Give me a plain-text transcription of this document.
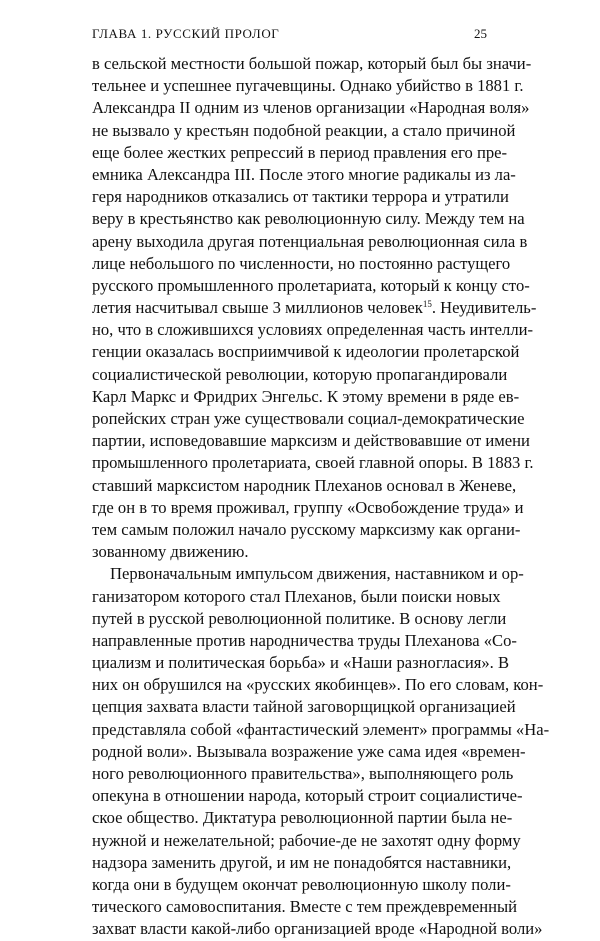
ГЛАВА 1. РУССКИЙ ПРОЛОГ	25
в сельской местности большой пожар, который был бы значи-
тельнее и успешнее пугачевщины. Однако убийство в 1881 г.
Александра II одним из членов организации «Народная воля»
не вызвало у крестьян подобной реакции, а стало причиной
еще более жестких репрессий в период правления его пре-
емника Александра III. После этого многие радикалы из ла-
геря народников отказались от тактики террора и утратили
веру в крестьянство как революционную силу. Между тем на
арену выходила другая потенциальная революционная сила в
лице небольшого по численности, но постоянно растущего
русского промышленного пролетариата, который к концу сто-
летия насчитывал свыше 3 миллионов человек$^{15}$. Неудивитель-
но, что в сложившихся условиях определенная часть интелли-
генции оказалась восприимчивой к идеологии пролетарской
социалистической революции, которую пропагандировали
Карл Маркс и Фридрих Энгельс. К этому времени в ряде ев-
ропейских стран уже существовали социал-демократические
партии, исповедовавшие марксизм и действовавшие от имени
промышленного пролетариата, своей главной опоры. В 1883 г.
ставший марксистом народник Плеханов основал в Женеве,
где он в то время проживал, группу «Освобождение труда» и
тем самым положил начало русскому марксизму как органи-
зованному движению.
Первоначальным импульсом движения, наставником и ор-
ганизатором которого стал Плеханов, были поиски новых
путей в русской революционной политике. В основу легли
направленные против народничества труды Плеханова «Со-
циализм и политическая борьба» и «Наши разногласия». В
них он обрушился на «русских якобинцев». По его словам, кон-
цепция захвата власти тайной заговорщицкой организацией
представляла собой «фантастический элемент» программы «На-
родной воли». Вызывала возражение уже сама идея «времен-
ного революционного правительства», выполняющего роль
опекуна в отношении народа, который строит социалистиче-
ское общество. Диктатура революционной партии была не-
нужной и нежелательной; рабочие-де не захотят одну форму
надзора заменить другой, и им не понадобятся наставники,
когда они в будущем окончат революционную школу поли-
тического самовоспитания. Вместе с тем преждевременный
захват власти какой-либо организацией вроде «Народной воли»
